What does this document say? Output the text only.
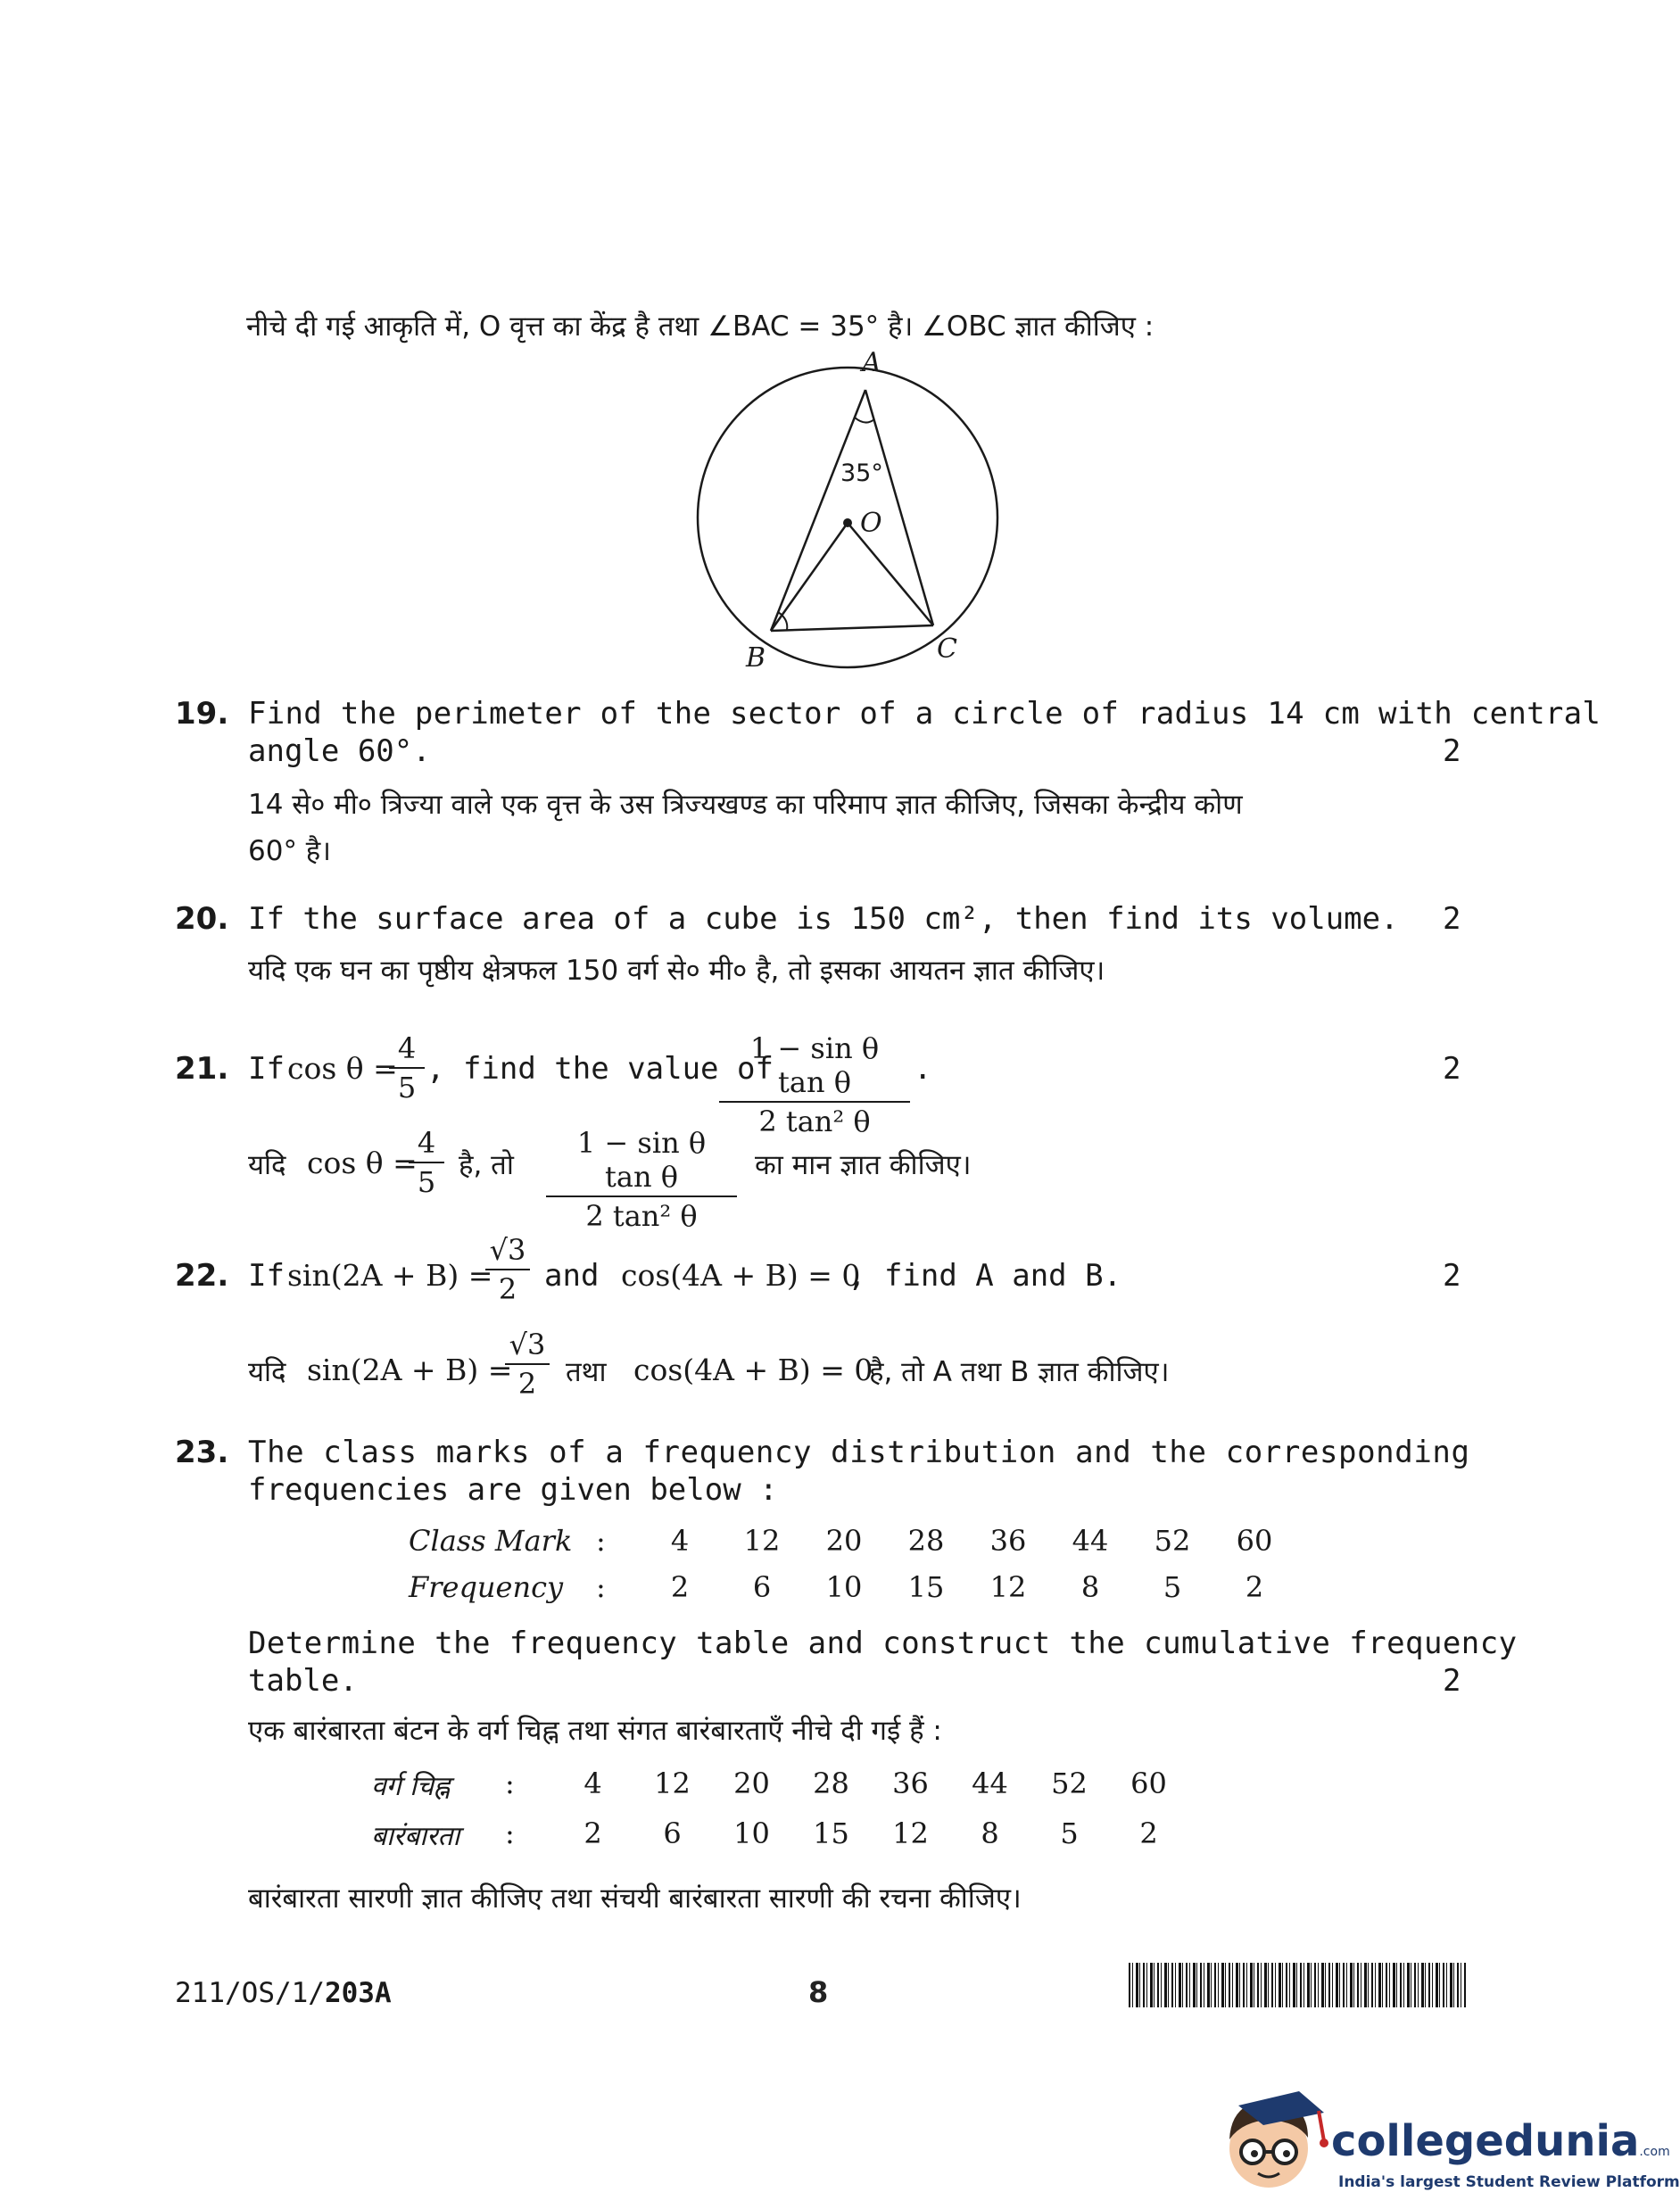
नीचे दी गई आकृति में, O वृत्त का केंद्र है तथा ∠BAC = 35° है। ∠OBC ज्ञात कीजिए :
A
B	C
O
35°
19. Find the perimeter of the sector of a circle of radius 14 cm with central
angle 60°.	2
14 से० मी० त्रिज्या वाले एक वृत्त के उस त्रिज्यखण्ड का परिमाप ज्ञात कीजिए, जिसका केन्द्रीय कोण
60° है।
20. If the surface area of a cube is 150 cm², then find its volume. 2
यदि एक घन का पृष्ठीय क्षेत्रफल 150 वर्ग से० मी० है, तो इसका आयतन ज्ञात कीजिए।
21. If cos θ =
$\frac{4}{5}$ , find the value of
$\frac{\text{1 − sin θ tan θ}}{\text{2 tan² θ}}$ .	2
यदि cos θ =
$\frac{4}{5}$ है, तो $\frac{\text{1 − sin θ tan θ}}{\text{2 tan² θ}}$ का मान ज्ञात कीजिए।
22. If sin(2A + B) =
$\frac{√3}{2}$ and cos(4A + B) = 0
, find A and B.	2
यदि sin(2A + B) =
$\frac{√3}{2}$ तथा cos(4A + B) = 0
है, तो A तथा B ज्ञात कीजिए।
23. The class marks of a frequency distribution and the corresponding
frequencies are given below :
Class Mark :	4	12	20	28	36	44	52	60
Frequency	:	2	6	10	15	12	8	5	2
Determine the frequency table and construct the cumulative frequency
table.	2
एक बारंबारता बंटन के वर्ग चिह्न तथा संगत बारंबारताएँ नीचे दी गई हैं :
वर्ग चिह्न	:	4	12	20	28	36	44	52	60
बारंबारता	:	2	6	10	15	12	8	5	2
बारंबारता सारणी ज्ञात कीजिए तथा संचयी बारंबारता सारणी की रचना कीजिए।
211/OS/1/203A	8
collegedunia.com
India's largest Student Review Platform
